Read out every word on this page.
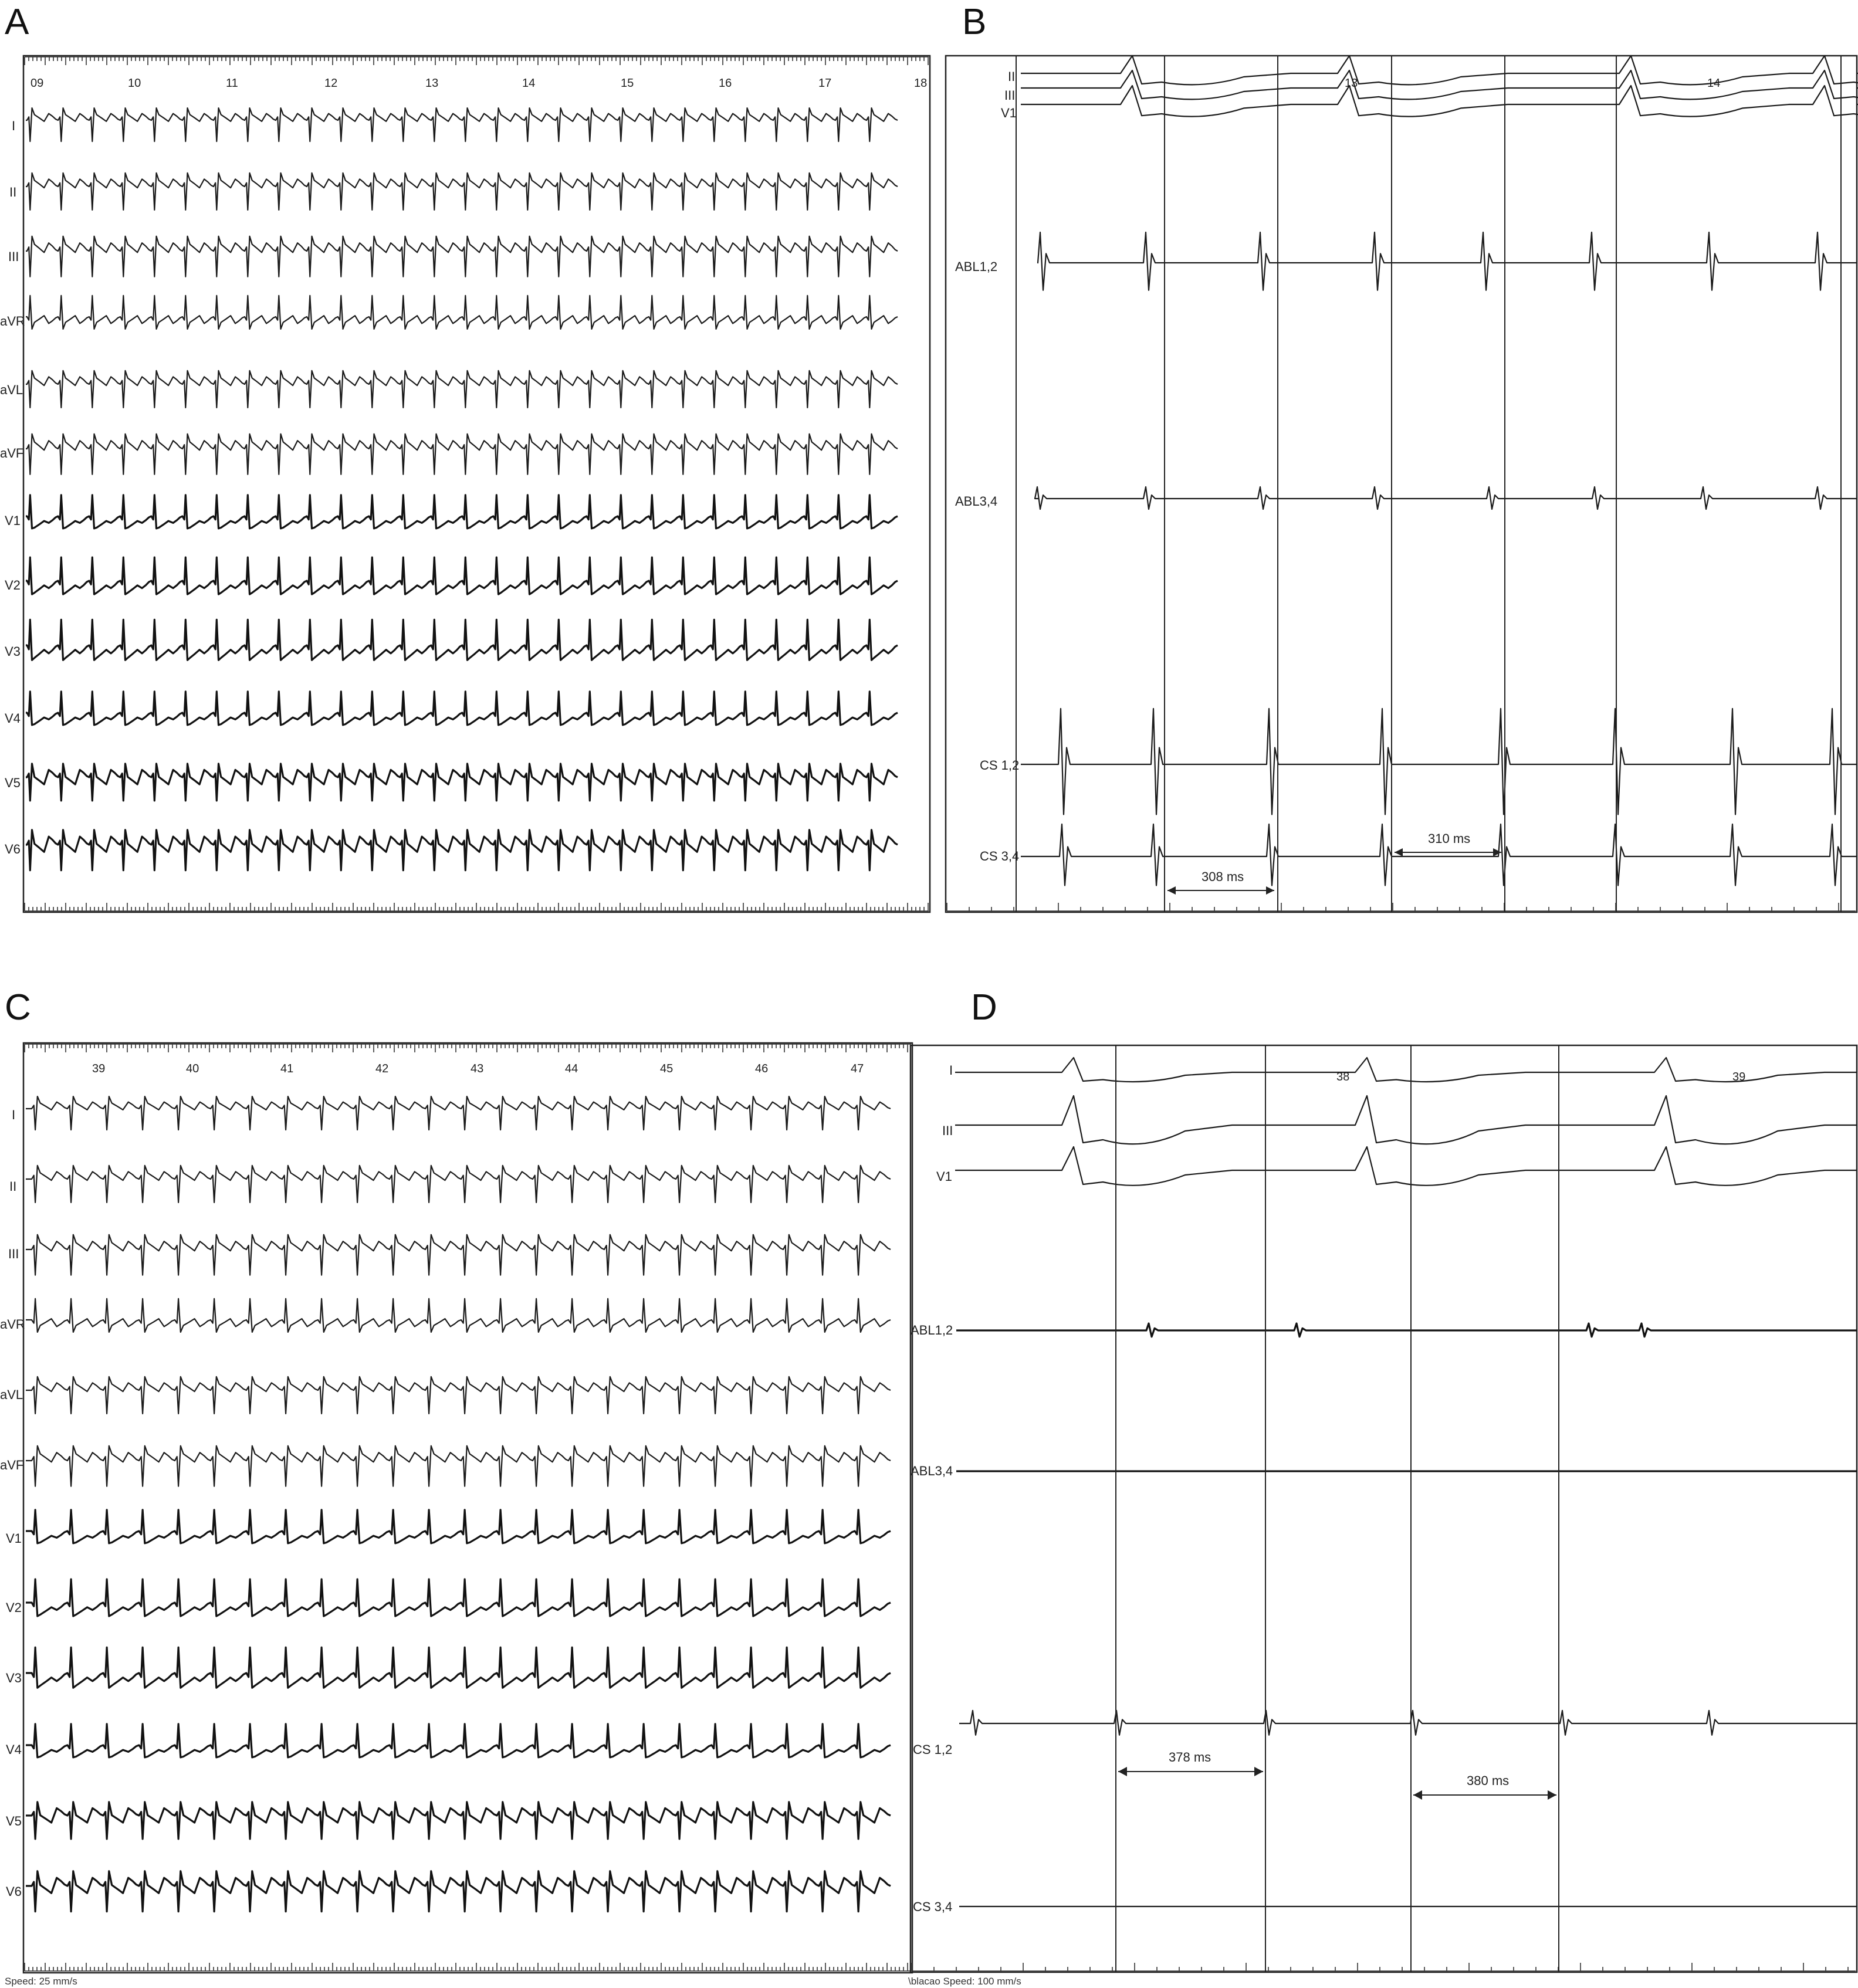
A
09	10	11	12	13	14	15	16	17	18
I
II
III
aVR
aVL
aVF
V1
V2
V3
V4
V5
V6
B
13	14
II
III
V1
ABL1,2
ABL3,4
CS 1,2
CS 3,4
308 ms
310 ms
C
39	40	41	42	43	44	45	46	47
I
II
III
aVR
aVL
aVF
V1
V2
V3
V4
V5
V6
Speed: 25 mm/s
D
38	39
I
III
V1
ABL1,2
ABL3,4
CS 1,2
CS 3,4
378 ms
380 ms
\blacao Speed: 100 mm/s
